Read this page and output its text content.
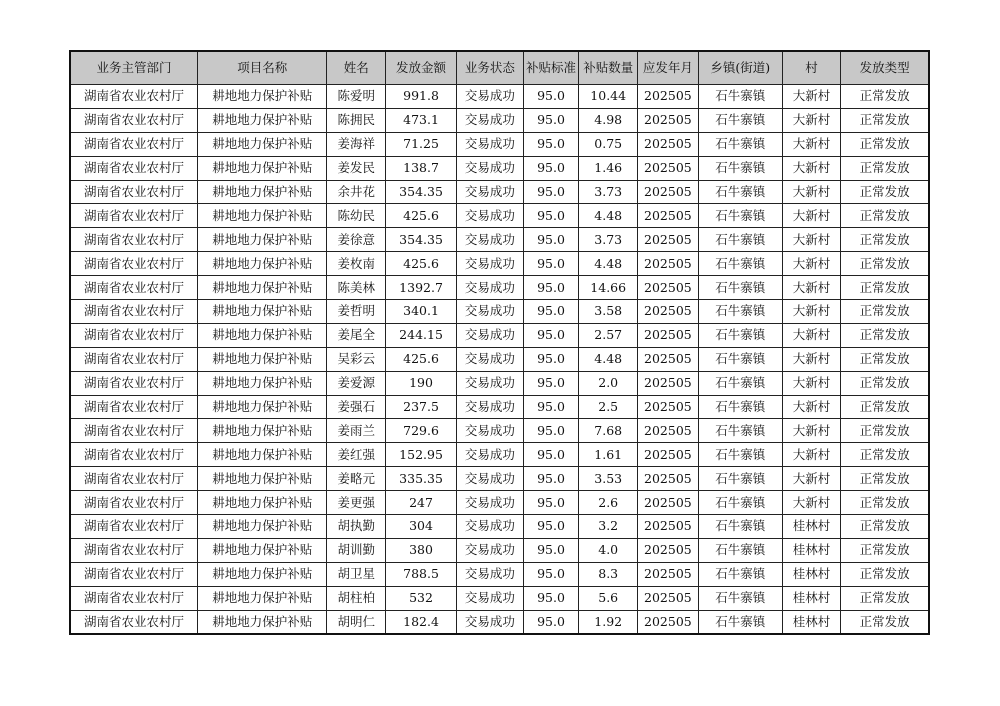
业务主管部门	项目名称	姓名	发放金额	业务状态	补贴标准	补贴数量	应发年月	乡镇(街道)	村	发放类型
湖南省农业农村厅	耕地地力保护补贴	陈爱明	991.8	交易成功	95.0	10.44	202505	石牛寨镇	大新村	正常发放
湖南省农业农村厅	耕地地力保护补贴	陈拥民	473.1	交易成功	95.0	4.98	202505	石牛寨镇	大新村	正常发放
湖南省农业农村厅	耕地地力保护补贴	姜海祥	71.25	交易成功	95.0	0.75	202505	石牛寨镇	大新村	正常发放
湖南省农业农村厅	耕地地力保护补贴	姜发民	138.7	交易成功	95.0	1.46	202505	石牛寨镇	大新村	正常发放
湖南省农业农村厅	耕地地力保护补贴	余井花	354.35	交易成功	95.0	3.73	202505	石牛寨镇	大新村	正常发放
湖南省农业农村厅	耕地地力保护补贴	陈幼民	425.6	交易成功	95.0	4.48	202505	石牛寨镇	大新村	正常发放
湖南省农业农村厅	耕地地力保护补贴	姜徐意	354.35	交易成功	95.0	3.73	202505	石牛寨镇	大新村	正常发放
湖南省农业农村厅	耕地地力保护补贴	姜枚南	425.6	交易成功	95.0	4.48	202505	石牛寨镇	大新村	正常发放
湖南省农业农村厅	耕地地力保护补贴	陈美林	1392.7	交易成功	95.0	14.66	202505	石牛寨镇	大新村	正常发放
湖南省农业农村厅	耕地地力保护补贴	姜哲明	340.1	交易成功	95.0	3.58	202505	石牛寨镇	大新村	正常发放
湖南省农业农村厅	耕地地力保护补贴	姜尾全	244.15	交易成功	95.0	2.57	202505	石牛寨镇	大新村	正常发放
湖南省农业农村厅	耕地地力保护补贴	吴彩云	425.6	交易成功	95.0	4.48	202505	石牛寨镇	大新村	正常发放
湖南省农业农村厅	耕地地力保护补贴	姜爱源	190	交易成功	95.0	2.0	202505	石牛寨镇	大新村	正常发放
湖南省农业农村厅	耕地地力保护补贴	姜强石	237.5	交易成功	95.0	2.5	202505	石牛寨镇	大新村	正常发放
湖南省农业农村厅	耕地地力保护补贴	姜雨兰	729.6	交易成功	95.0	7.68	202505	石牛寨镇	大新村	正常发放
湖南省农业农村厅	耕地地力保护补贴	姜红强	152.95	交易成功	95.0	1.61	202505	石牛寨镇	大新村	正常发放
湖南省农业农村厅	耕地地力保护补贴	姜略元	335.35	交易成功	95.0	3.53	202505	石牛寨镇	大新村	正常发放
湖南省农业农村厅	耕地地力保护补贴	姜更强	247	交易成功	95.0	2.6	202505	石牛寨镇	大新村	正常发放
湖南省农业农村厅	耕地地力保护补贴	胡执勤	304	交易成功	95.0	3.2	202505	石牛寨镇	桂林村	正常发放
湖南省农业农村厅	耕地地力保护补贴	胡训勤	380	交易成功	95.0	4.0	202505	石牛寨镇	桂林村	正常发放
湖南省农业农村厅	耕地地力保护补贴	胡卫星	788.5	交易成功	95.0	8.3	202505	石牛寨镇	桂林村	正常发放
湖南省农业农村厅	耕地地力保护补贴	胡柱柏	532	交易成功	95.0	5.6	202505	石牛寨镇	桂林村	正常发放
湖南省农业农村厅	耕地地力保护补贴	胡明仁	182.4	交易成功	95.0	1.92	202505	石牛寨镇	桂林村	正常发放
